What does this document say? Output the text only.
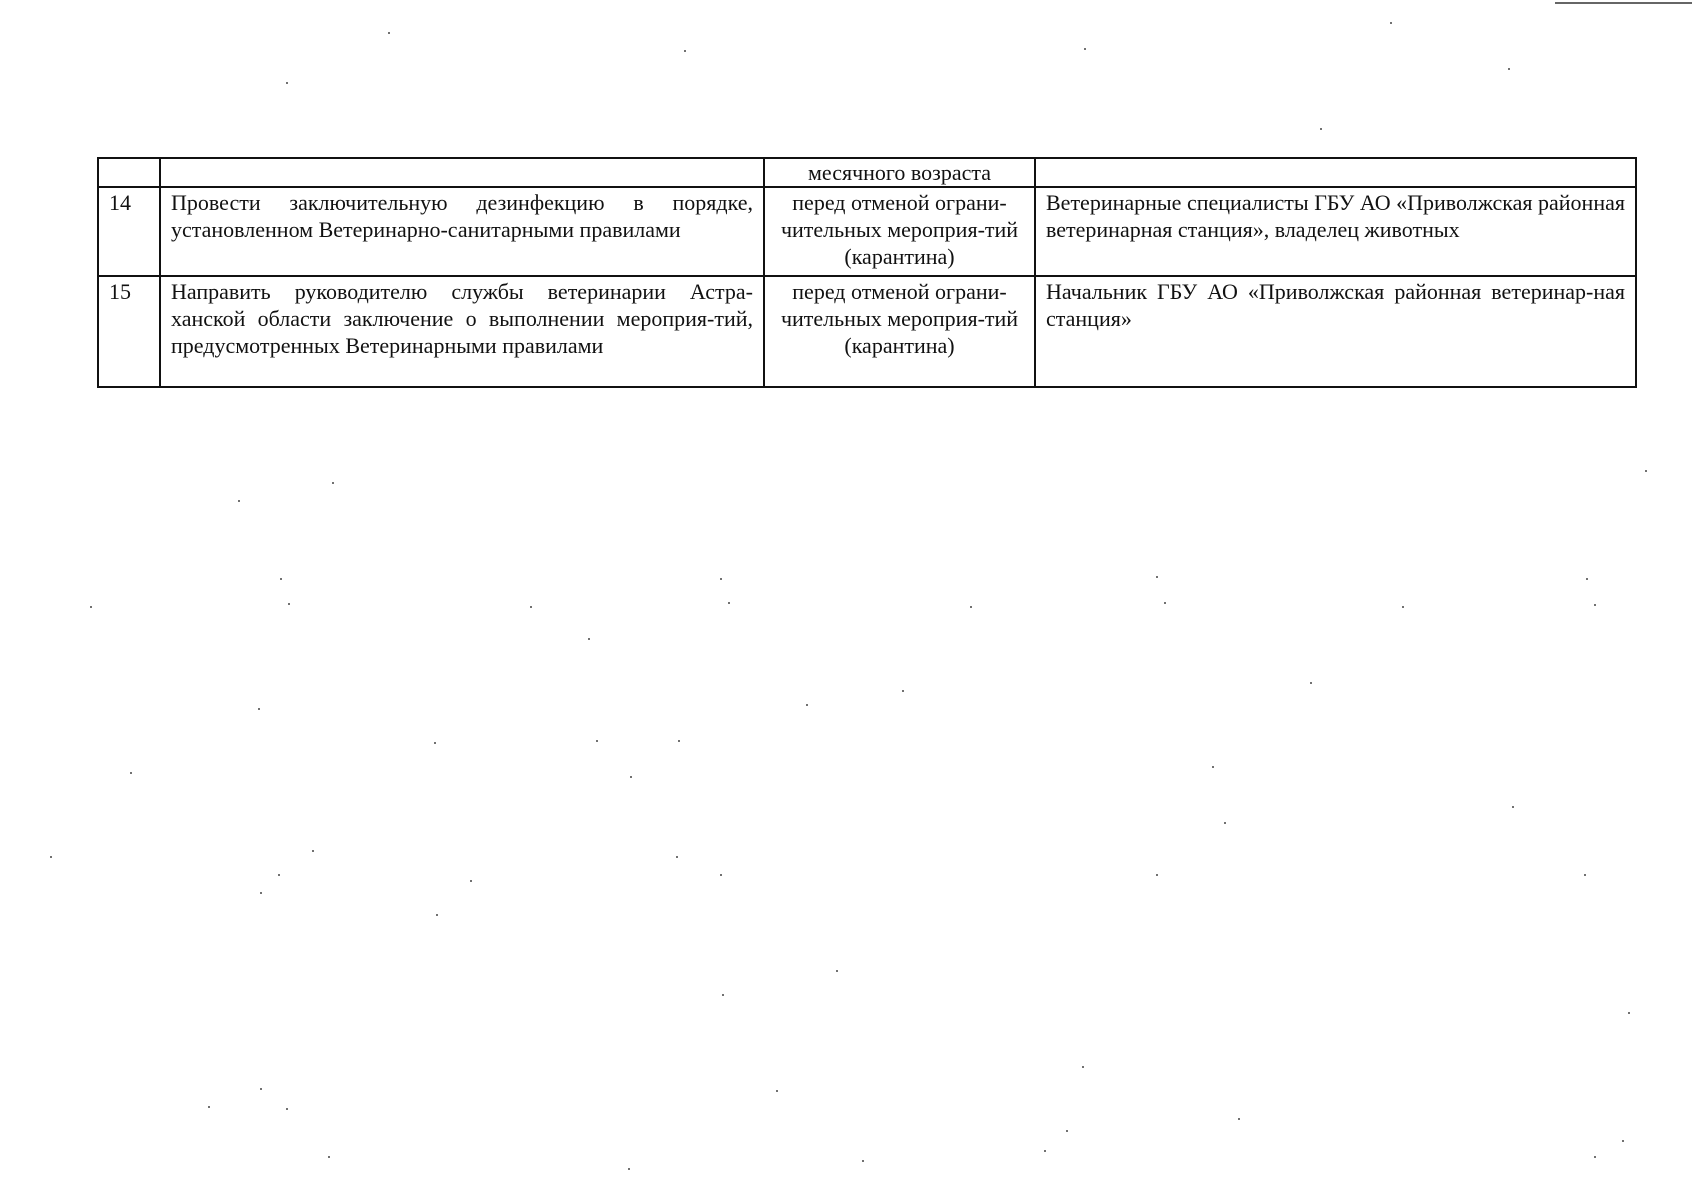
		месячного возраста	
14	Провести заключительную дезинфекцию в порядке, установленном Ветеринарно-санитарными правилами	перед отменой ограни-чительных мероприя-тий (карантина)	Ветеринарные специалисты ГБУ АО «Приволжская районная ветеринарная станция», владелец животных
15	Направить руководителю службы ветеринарии Астра-ханской области заключение о выполнении мероприя-тий, предусмотренных Ветеринарными правилами	перед отменой ограни-чительных мероприя-тий (карантина)	Начальник ГБУ АО «Приволжская районная ветеринар-ная станция»
